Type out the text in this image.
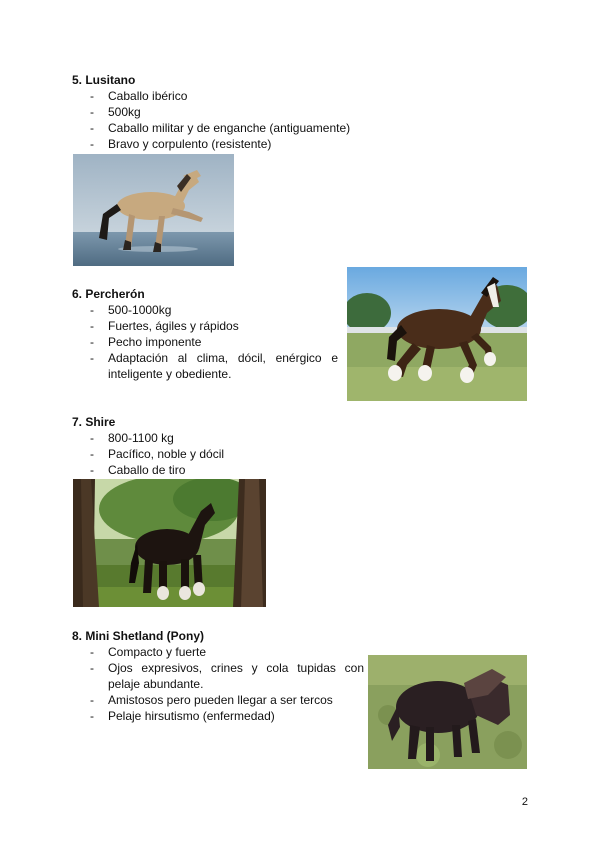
5. Lusitano

- Caballo ibérico
- 500kg
- Caballo militar y de enganche (antiguamente)
- Bravo y corpulento (resistente)

6. Percherón

- 500-1000kg
- Fuertes, ágiles y rápidos
- Pecho imponente
- Adaptación al clima, dócil, enérgico e inteligente y obediente.

7. Shire

- 800-1100 kg
- Pacífico, noble y dócil
- Caballo de tiro

8. Mini Shetland (Pony)

- Compacto y fuerte
- Ojos expresivos, crines y cola tupidas con pelaje abundante.
- Amistosos pero pueden llegar a ser tercos
- Pelaje hirsutismo (enfermedad)
2
